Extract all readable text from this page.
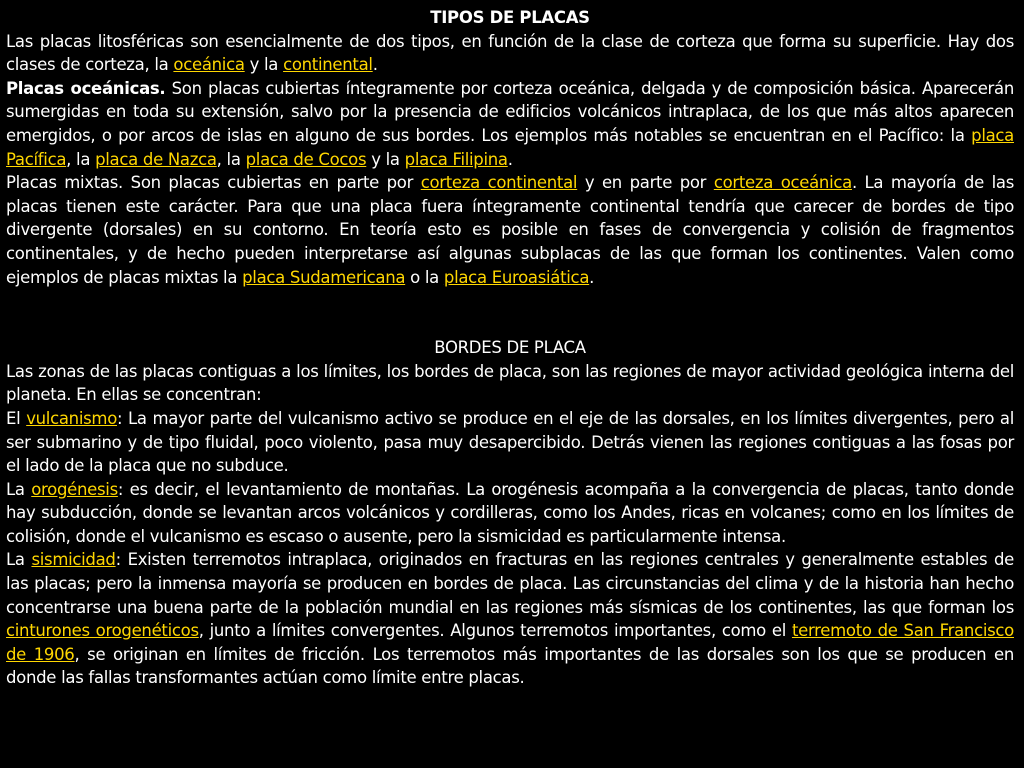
TIPOS DE PLACAS

Las placas litosféricas son esencialmente de dos tipos, en función de la clase de corteza que forma su superficie. Hay dos clases de corteza, la oceánica y la continental.

Placas oceánicas. Son placas cubiertas íntegramente por corteza oceánica, delgada y de composición básica. Aparecerán sumergidas en toda su extensión, salvo por la presencia de edificios volcánicos intraplaca, de los que más altos aparecen emergidos, o por arcos de islas en alguno de sus bordes. Los ejemplos más notables se encuentran en el Pacífico: la placa Pacífica, la placa de Nazca, la placa de Cocos y la placa Filipina.

Placas mixtas. Son placas cubiertas en parte por corteza continental y en parte por corteza oceánica. La mayoría de las placas tienen este carácter. Para que una placa fuera íntegramente continental tendría que carecer de bordes de tipo divergente (dorsales) en su contorno. En teoría esto es posible en fases de convergencia y colisión de fragmentos continentales, y de hecho pueden interpretarse así algunas subplacas de las que forman los continentes. Valen como ejemplos de placas mixtas la placa Sudamericana o la placa Euroasiática.

BORDES DE PLACA

Las zonas de las placas contiguas a los límites, los bordes de placa, son las regiones de mayor actividad geológica interna del planeta. En ellas se concentran:

El vulcanismo: La mayor parte del vulcanismo activo se produce en el eje de las dorsales, en los límites divergentes, pero al ser submarino y de tipo fluidal, poco violento, pasa muy desapercibido. Detrás vienen las regiones contiguas a las fosas por el lado de la placa que no subduce.

La orogénesis: es decir, el levantamiento de montañas. La orogénesis acompaña a la convergencia de placas, tanto donde hay subducción, donde se levantan arcos volcánicos y cordilleras, como los Andes, ricas en volcanes; como en los límites de colisión, donde el vulcanismo es escaso o ausente, pero la sismicidad es particularmente intensa.

La sismicidad: Existen terremotos intraplaca, originados en fracturas en las regiones centrales y generalmente estables de las placas; pero la inmensa mayoría se producen en bordes de placa. Las circunstancias del clima y de la historia han hecho concentrarse una buena parte de la población mundial en las regiones más sísmicas de los continentes, las que forman los cinturones orogenéticos, junto a límites convergentes. Algunos terremotos importantes, como el terremoto de San Francisco de 1906, se originan en límites de fricción. Los terremotos más importantes de las dorsales son los que se producen en donde las fallas transformantes actúan como límite entre placas.
